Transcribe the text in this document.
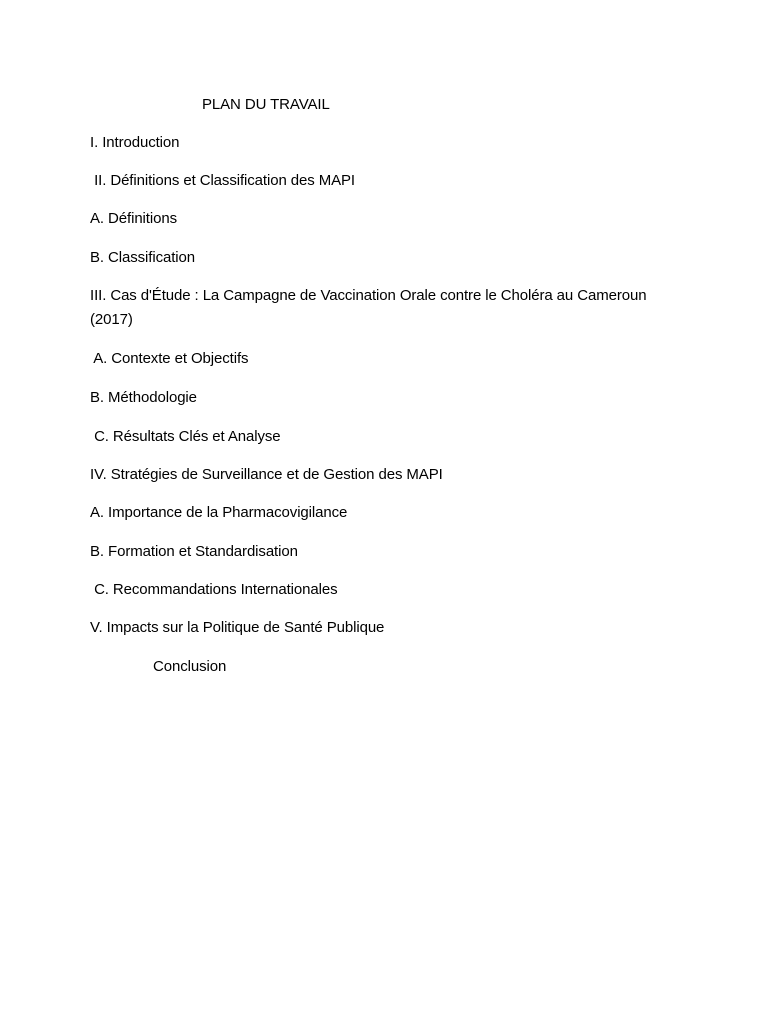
PLAN DU TRAVAIL
I. Introduction
II. Définitions et Classification des MAPI
A. Définitions
B. Classification
III. Cas d'Étude : La Campagne de Vaccination Orale contre le Choléra au Cameroun (2017)
A. Contexte et Objectifs
B. Méthodologie
C. Résultats Clés et Analyse
IV. Stratégies de Surveillance et de Gestion des MAPI
A. Importance de la Pharmacovigilance
B. Formation et Standardisation
C. Recommandations Internationales
V. Impacts sur la Politique de Santé Publique
Conclusion
